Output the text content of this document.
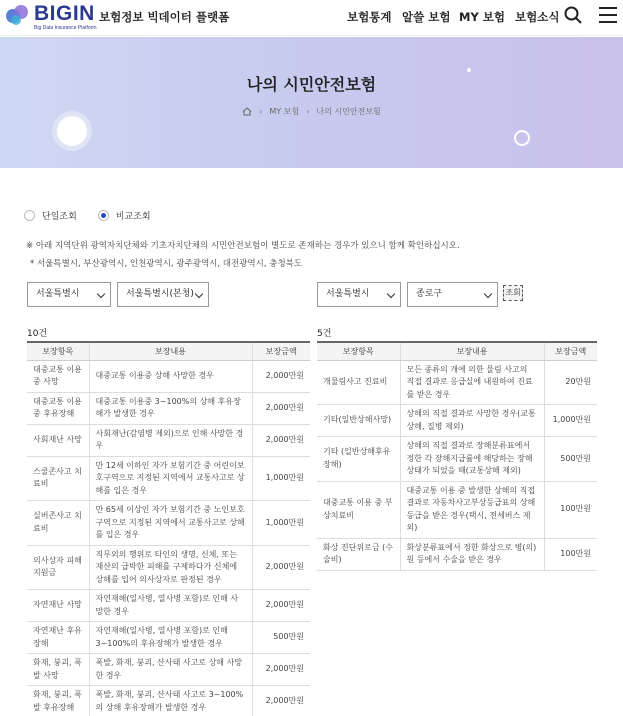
BIGIN
Big Data Insurance Platform
보험정보 빅데이터 플랫폼	보험통계 알쓸 보험 MY 보험 보험소식
나의 시민안전보험
› MY 보험 › 나의 시민안전보험
단일조회	비교조회
※ 아래 지역단위 광역자치단체와 기초자치단체의 시민안전보험이 별도로 존재하는 경우가 있으니 함께 확인하십시오.
* 서울특별시, 부산광역시, 인천광역시, 광주광역시, 대전광역시, 충청북도
서울특별시	서울특별시(본청)	서울특별시	종로구	조회
10건	5건
보장항목	보장내용	보장금액
대중교통 이용 중 사망	대중교통 이용중 상해 사망한 경우	2,000만원
대중교통 이용 중 후유장해	대중교통 이용중 3~100%의 상해 후유장해가 발생한 경우	2,000만원
사회재난 사망	사회재난(감염병 제외)으로 인해 사망한 경우	2,000만원
스쿨존사고 치료비	만 12세 이하인 자가 보험기간 중 어린이보호구역으로 지정된 지역에서 교통사고로 상해를 입은 경우	1,000만원
실버존사고 치료비	만 65세 이상인 자가 보험기간 중 노인보호구역으로 지정된 지역에서 교통사고로 상해를 입은 경우	1,000만원
의사상자 피해지원금	직무외의 행위로 타인의 생명, 신체, 또는 재산의 급박한 피해를 구제하다가 신체에 상해를 입어 의사상자로 판정된 경우	2,000만원
자연재난 사망	자연재해(일사병, 열사병 포함)로 인해 사망한 경우	2,000만원
자연재난 후유장해	자연재해(일사병, 열사병 포함)로 인해 3~100%의 후유장해가 발생한 경우	500만원
화재, 붕괴, 폭발 사망	폭발, 화재, 붕괴, 산사태 사고로 상해 사망한 경우	2,000만원
화재, 붕괴, 폭발 후유장해	폭발, 화재, 붕괴, 산사태 사고로 3~100%의 상해 후유장해가 발생한 경우	2,000만원
보장항목	보장내용	보장금액
개물림사고 진료비	모든 종류의 개에 의한 물림 사고의 직접 결과로 응급실에 내원하여 진료를 받은 경우	20만원
기타(일반상해사망)	상해의 직접 결과로 사망한 경우(교통상해, 질병 제외)	1,000만원
기타 (일반상해후유장해)	상해의 직접 결과로 장해분류표에서 정한 각 장해지급률에 해당하는 장해 상태가 되었을 때(교통상해 제외)	500만원
대중교통 이용 중 부상치료비	대중교통 이용 중 발생한 상해의 직접 결과로 자동차사고부상등급표의 상해등급을 받은 경우(택시, 전세버스 제외)	100만원
화상 진단위로금 (수술비)	화상분류표에서 정한 화상으로 병(의)원 등에서 수술을 받은 경우	100만원
